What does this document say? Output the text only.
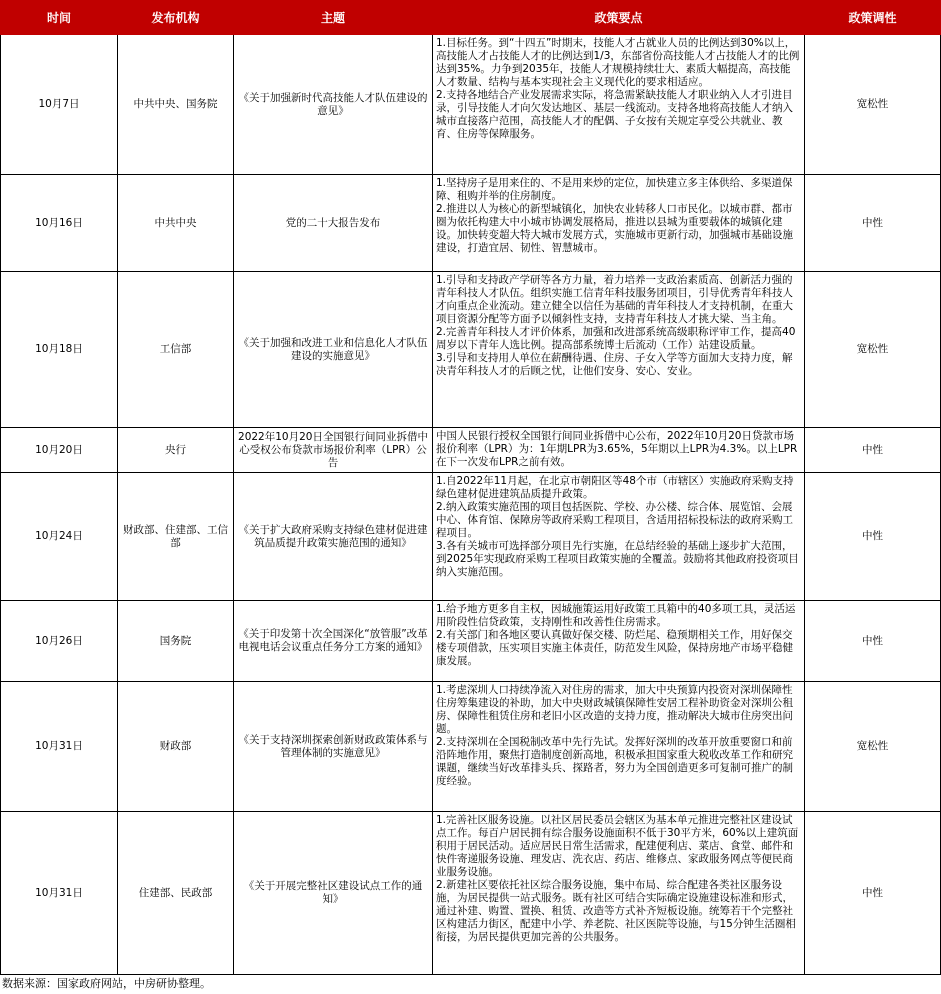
时间	发布机构	主题	政策要点	政策调性
10月7日	中共中央、国务院	《关于加强新时代高技能人才队伍建设的意见》	1.目标任务。到“十四五”时期末，技能人才占就业人员的比例达到30%以上，高技能人才占技能人才的比例达到1/3，东部省份高技能人才占技能人才的比例达到35%。力争到2035年，技能人才规模持续壮大、素质大幅提高，高技能人才数量、结构与基本实现社会主义现代化的要求相适应。
2.支持各地结合产业发展需求实际，将急需紧缺技能人才职业纳入人才引进目录，引导技能人才向欠发达地区、基层一线流动。支持各地将高技能人才纳入城市直接落户范围，高技能人才的配偶、子女按有关规定享受公共就业、教育、住房等保障服务。	宽松性
10月16日	中共中央	党的二十大报告发布	1.坚持房子是用来住的、不是用来炒的定位，加快建立多主体供给、多渠道保障、租购并举的住房制度。
2.推进以人为核心的新型城镇化，加快农业转移人口市民化。以城市群、都市圈为依托构建大中小城市协调发展格局，推进以县城为重要载体的城镇化建设。加快转变超大特大城市发展方式，实施城市更新行动，加强城市基础设施建设，打造宜居、韧性、智慧城市。	中性
10月18日	工信部	《关于加强和改进工业和信息化人才队伍建设的实施意见》	1.引导和支持政产学研等各方力量，着力培养一支政治素质高、创新活力强的青年科技人才队伍。组织实施工信青年科技服务团项目，引导优秀青年科技人才向重点企业流动。建立健全以信任为基础的青年科技人才支持机制，在重大项目资源分配等方面予以倾斜性支持，支持青年科技人才挑大梁、当主角。
2.完善青年科技人才评价体系，加强和改进部系统高级职称评审工作，提高40周岁以下青年人选比例。提高部系统博士后流动（工作）站建设质量。
3.引导和支持用人单位在薪酬待遇、住房、子女入学等方面加大支持力度，解决青年科技人才的后顾之忧，让他们安身、安心、安业。	宽松性
10月20日	央行	2022年10月20日全国银行间同业拆借中心受权公布贷款市场报价利率（LPR）公告	中国人民银行授权全国银行间同业拆借中心公布，2022年10月20日贷款市场报价利率（LPR）为：1年期LPR为3.65%，5年期以上LPR为4.3%。以上LPR在下一次发布LPR之前有效。	中性
10月24日	财政部、住建部、工信部	《关于扩大政府采购支持绿色建材促进建筑品质提升政策实施范围的通知》	1.自2022年11月起，在北京市朝阳区等48个市（市辖区）实施政府采购支持绿色建材促进建筑品质提升政策。
2.纳入政策实施范围的项目包括医院、学校、办公楼、综合体、展览馆、会展中心、体育馆、保障房等政府采购工程项目，含适用招标投标法的政府采购工程项目。
3.各有关城市可选择部分项目先行实施，在总结经验的基础上逐步扩大范围，到2025年实现政府采购工程项目政策实施的全覆盖。鼓励将其他政府投资项目纳入实施范围。	中性
10月26日	国务院	《关于印发第十次全国深化“放管服”改革电视电话会议重点任务分工方案的通知》	1.给予地方更多自主权，因城施策运用好政策工具箱中的40多项工具，灵活运用阶段性信贷政策，支持刚性和改善性住房需求。
2.有关部门和各地区要认真做好保交楼、防烂尾、稳预期相关工作，用好保交楼专项借款，压实项目实施主体责任，防范发生风险，保持房地产市场平稳健康发展。	中性
10月31日	财政部	《关于支持深圳探索创新财政政策体系与管理体制的实施意见》	1.考虑深圳人口持续净流入对住房的需求，加大中央预算内投资对深圳保障性住房筹集建设的补助，加大中央财政城镇保障性安居工程补助资金对深圳公租房、保障性租赁住房和老旧小区改造的支持力度，推动解决大城市住房突出问题。
2.支持深圳在全国税制改革中先行先试。发挥好深圳的改革开放重要窗口和前沿阵地作用，聚焦打造制度创新高地，积极承担国家重大税收改革工作和研究课题，继续当好改革排头兵、探路者，努力为全国创造更多可复制可推广的制度经验。	宽松性
10月31日	住建部、民政部	《关于开展完整社区建设试点工作的通知》	1.完善社区服务设施。以社区居民委员会辖区为基本单元推进完整社区建设试点工作。每百户居民拥有综合服务设施面积不低于30平方米，60%以上建筑面积用于居民活动。适应居民日常生活需求，配建便利店、菜店、食堂、邮件和快件寄递服务设施、理发店、洗衣店、药店、维修点、家政服务网点等便民商业服务设施。
2.新建社区要依托社区综合服务设施，集中布局、综合配建各类社区服务设施，为居民提供一站式服务。既有社区可结合实际确定设施建设标准和形式，通过补建、购置、置换、租赁、改造等方式补齐短板设施。统筹若干个完整社区构建活力街区，配建中小学、养老院、社区医院等设施，与15分钟生活圈相衔接，为居民提供更加完善的公共服务。	中性
数据来源：国家政府网站，中房研协整理。
